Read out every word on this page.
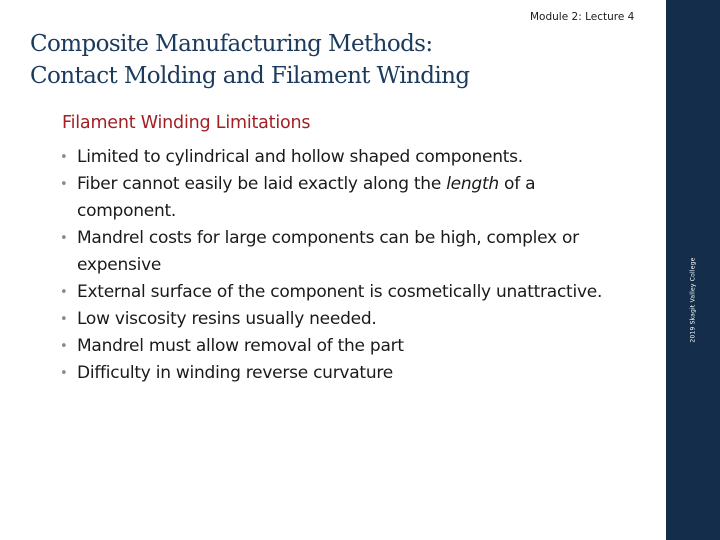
Module 2: Lecture 4
Composite Manufacturing Methods:
Contact Molding and Filament Winding
Filament Winding Limitations
• Limited to cylindrical and hollow shaped components.
• Fiber cannot easily be laid exactly along the length of a component.
• Mandrel costs for large components can be high, complex or expensive
• External surface of the component is cosmetically unattractive.
• Low viscosity resins usually needed.
• Mandrel must allow removal of the part
• Difficulty in winding reverse curvature
2019 Skagit Valley College
